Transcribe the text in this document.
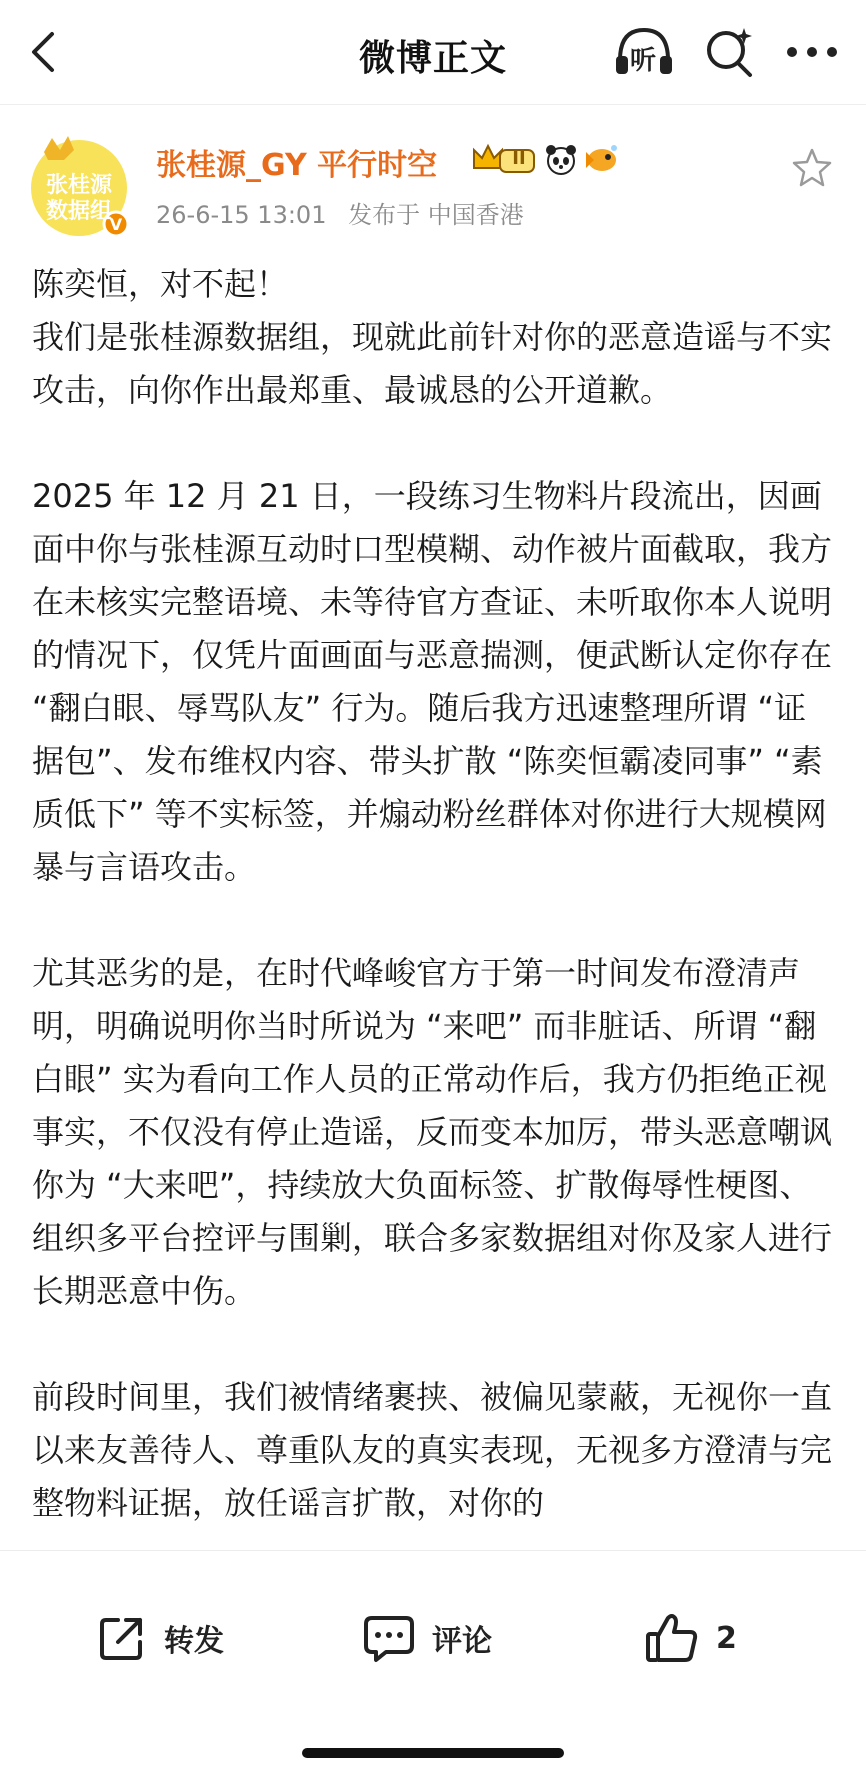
微博正文	听
V
张桂源
数据组
张桂源_GY 平行时空	II
26-6-15 13:01 发布于 中国香港

陈奕恒，对不起！

我们是张桂源数据组，现就此前针对你的恶意造谣与不实攻击，向你作出最郑重、最诚恳的公开道歉。

2025 年 12 月 21 日，一段练习生物料片段流出，因画面中你与张桂源互动时口型模糊、动作被片面截取，我方在未核实完整语境、未等待官方查证、未听取你本人说明的情况下，仅凭片面画面与恶意揣测，便武断认定你存在 “翻白眼、辱骂队友” 行为。随后我方迅速整理所谓 “证据包”、发布维权内容、带头扩散 “陈奕恒霸凌同事” “素质低下” 等不实标签，并煽动粉丝群体对你进行大规模网暴与言语攻击。

尤其恶劣的是，在时代峰峻官方于第一时间发布澄清声明，明确说明你当时所说为 “来吧” 而非脏话、所谓 “翻白眼” 实为看向工作人员的正常动作后，我方仍拒绝正视事实，不仅没有停止造谣，反而变本加厉，带头恶意嘲讽你为 “大来吧”，持续放大负面标签、扩散侮辱性梗图、组织多平台控评与围剿，联合多家数据组对你及家人进行长期恶意中伤。

前段时间里，我们被情绪裹挟、被偏见蒙蔽，无视你一直以来友善待人、尊重队友的真实表现，无视多方澄清与完整物料证据，放任谣言扩散，对你的

转发	评论	2
